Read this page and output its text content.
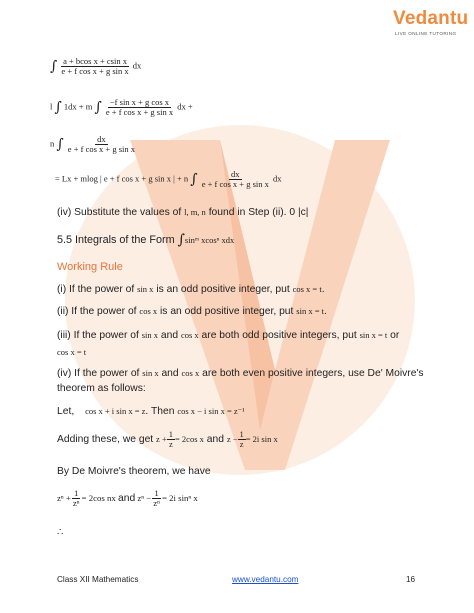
Vedantu
LIVE ONLINE TUTORING
∫ $\frac{\text{a + bcos x + csin x}}{\text{e + f cos x + g sin x}}$ dx
l ∫ 1dx + m ∫ $\frac{\text{−f sin x + g cos x}}{\text{e + f cos x + g sin x}}$ dx +
n ∫ $\frac{dx}{\text{e + f cos x + g sin x}}$
= Lx + mlog | e + f cos x + g sin x | + n ∫ $\frac{dx}{\text{e + f cos x + g sin x}}$ dx
(iv) Substitute the values of l, m, n found in Step (ii). 0 |c|
5.5 Integrals of the Form ∫sinᵐ xcosⁿ xdx
Working Rule
(i) If the power of sin x is an odd positive integer, put cos x = t.
(ii) If the power of cos x is an odd positive integer, put sin x = t.
(iii) If the power of sin x and cos x are both odd positive integers, put sin x = t or
cos x = t
(iv) If the power of sin x and cos x are both even positive integers, use De' Moivre's
theorem as follows:
Let, cos x + i sin x = z. Then cos x − i sin x = z⁻¹
Adding these, we get $z + \frac{1}{z} = 2\cos$ x and $z - \frac{1}{z} = 2i$ sin x
By De Moivre's theorem, we have
$z^n + \frac{1}{\text{zⁿ}} = 2\cos$ nx and $z^n - \frac{1}{\text{zⁿ}} = 2i$ sinⁿ x
∴
Class XII Mathematics	www.vedantu.com	16
